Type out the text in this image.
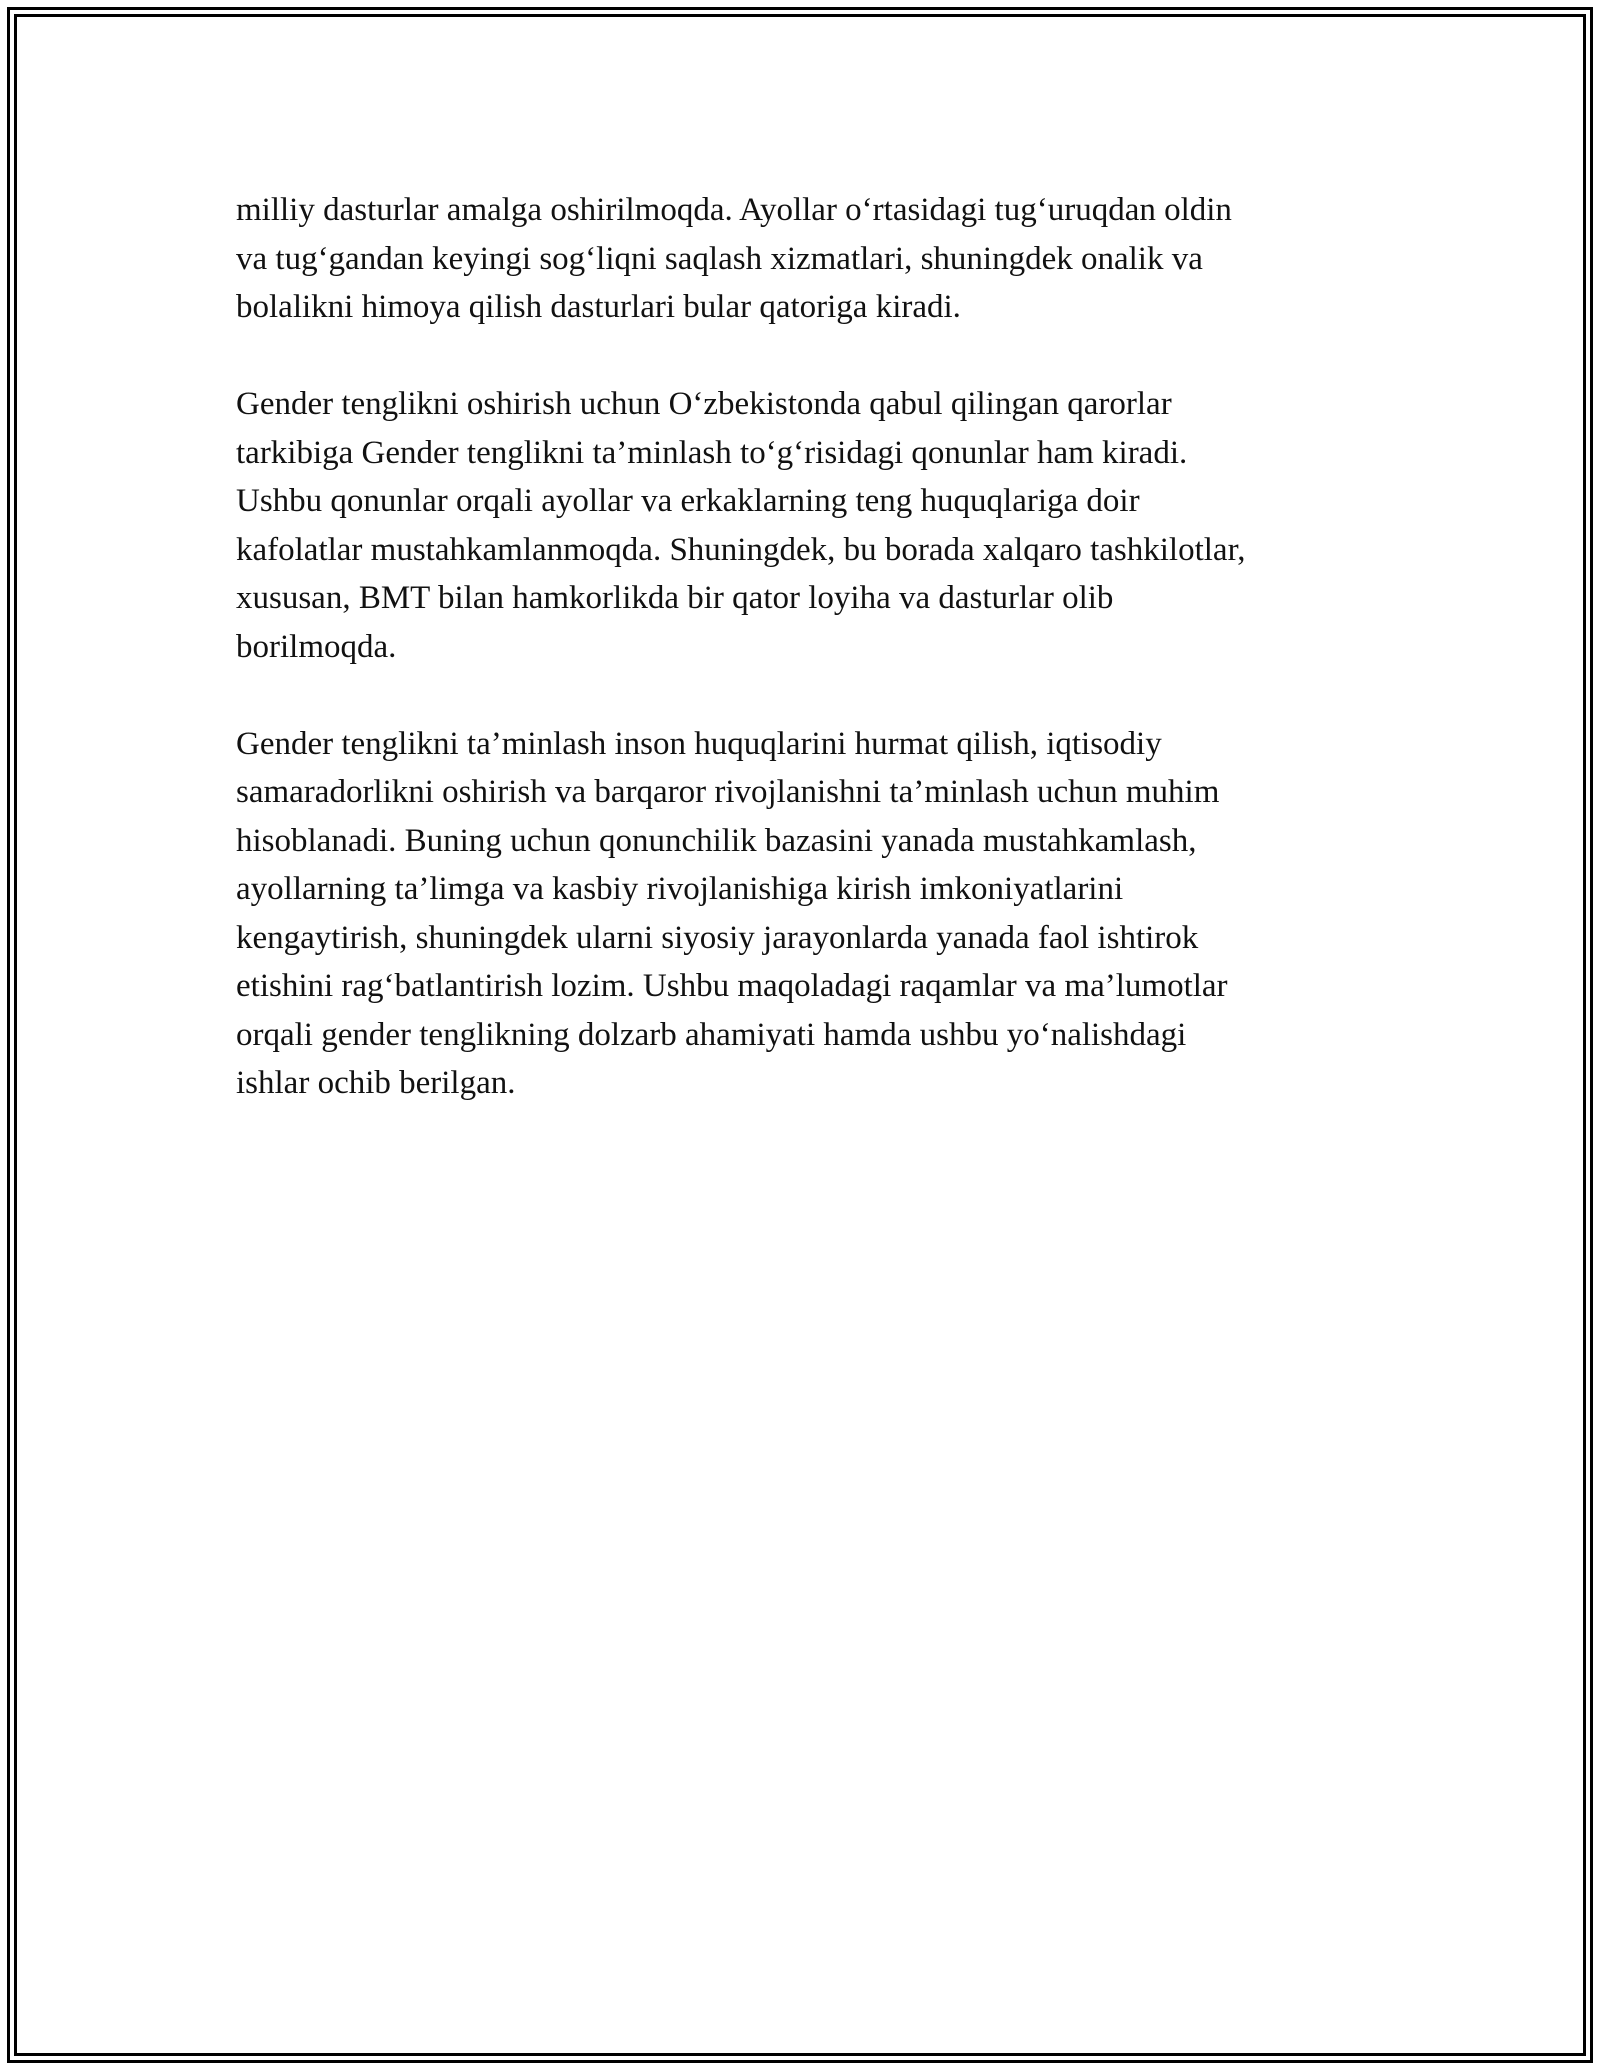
milliy dasturlar amalga oshirilmoqda. Ayollar o‘rtasidagi tug‘uruqdan oldin
va tug‘gandan keyingi sog‘liqni saqlash xizmatlari, shuningdek onalik va
bolalikni himoya qilish dasturlari bular qatoriga kiradi.

Gender tenglikni oshirish uchun O‘zbekistonda qabul qilingan qarorlar
tarkibiga Gender tenglikni ta’minlash to‘g‘risidagi qonunlar ham kiradi.
Ushbu qonunlar orqali ayollar va erkaklarning teng huquqlariga doir
kafolatlar mustahkamlanmoqda. Shuningdek, bu borada xalqaro tashkilotlar,
xususan, BMT bilan hamkorlikda bir qator loyiha va dasturlar olib
borilmoqda.

Gender tenglikni ta’minlash inson huquqlarini hurmat qilish, iqtisodiy
samaradorlikni oshirish va barqaror rivojlanishni ta’minlash uchun muhim
hisoblanadi. Buning uchun qonunchilik bazasini yanada mustahkamlash,
ayollarning ta’limga va kasbiy rivojlanishiga kirish imkoniyatlarini
kengaytirish, shuningdek ularni siyosiy jarayonlarda yanada faol ishtirok
etishini rag‘batlantirish lozim. Ushbu maqoladagi raqamlar va ma’lumotlar
orqali gender tenglikning dolzarb ahamiyati hamda ushbu yo‘nalishdagi
ishlar ochib berilgan.
